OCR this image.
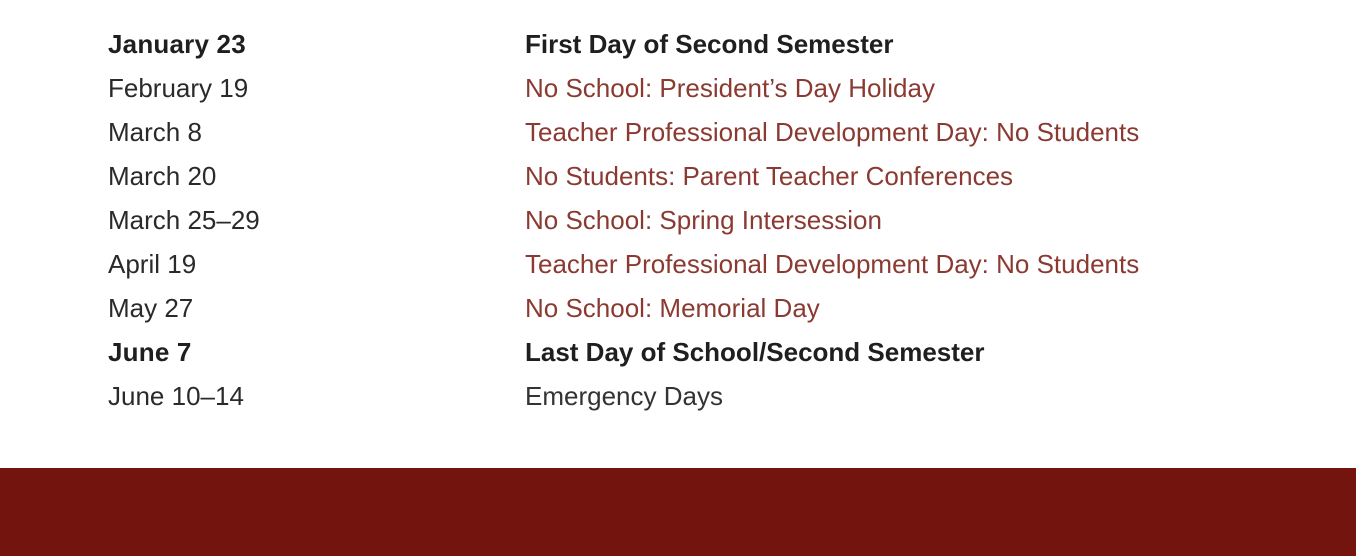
January 23	First Day of Second Semester
February 19	No School: President’s Day Holiday
March 8	Teacher Professional Development Day: No Students
March 20	No Students: Parent Teacher Conferences
March 25–29	No School: Spring Intersession
April 19	Teacher Professional Development Day: No Students
May 27	No School: Memorial Day
June 7	Last Day of School/Second Semester
June 10–14	Emergency Days
